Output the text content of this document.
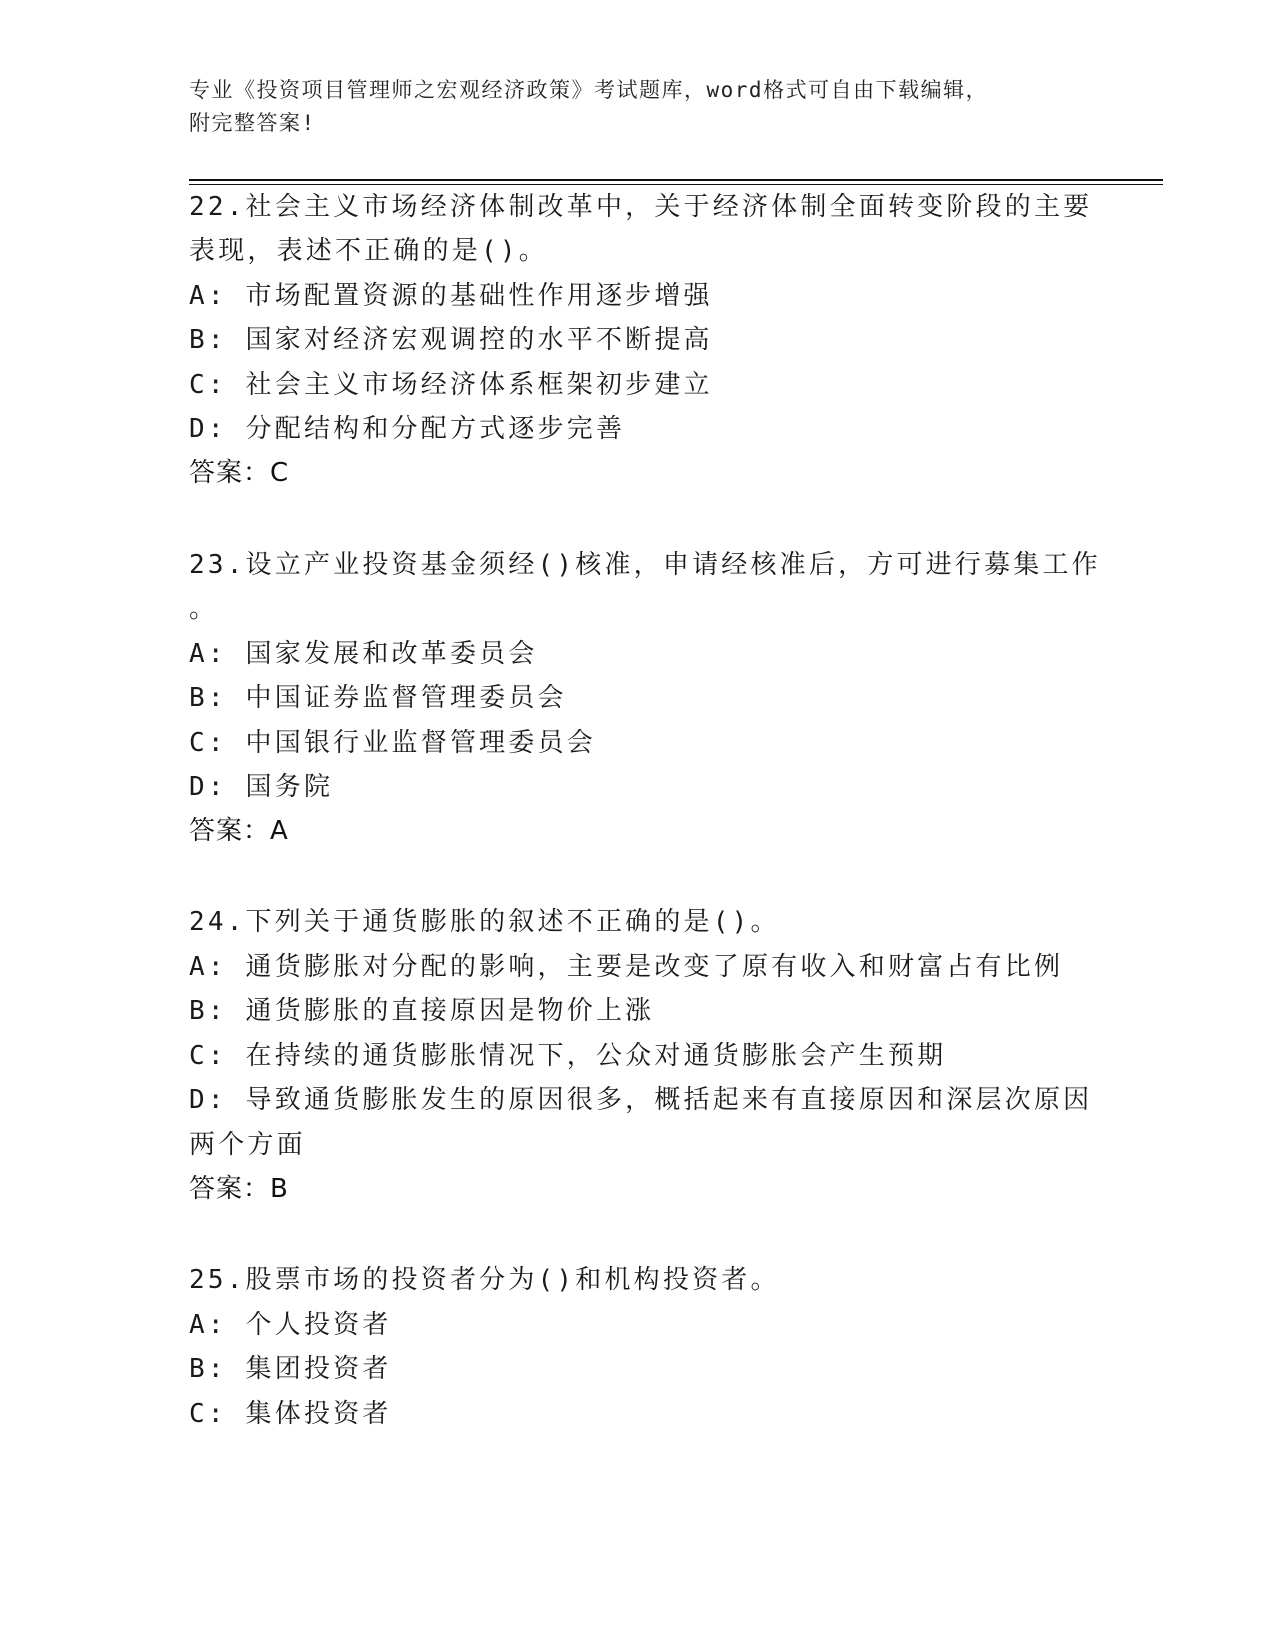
专业《投资项目管理师之宏观经济政策》考试题库，word格式可自由下载编辑，
附完整答案!
22.社会主义市场经济体制改革中，关于经济体制全面转变阶段的主要
表现，表述不正确的是()。
A: 市场配置资源的基础性作用逐步增强
B: 国家对经济宏观调控的水平不断提高
C: 社会主义市场经济体系框架初步建立
D: 分配结构和分配方式逐步完善
答案：C
23.设立产业投资基金须经()核准，申请经核准后，方可进行募集工作
。
A: 国家发展和改革委员会
B: 中国证券监督管理委员会
C: 中国银行业监督管理委员会
D: 国务院
答案：A
24.下列关于通货膨胀的叙述不正确的是()。
A: 通货膨胀对分配的影响，主要是改变了原有收入和财富占有比例
B: 通货膨胀的直接原因是物价上涨
C: 在持续的通货膨胀情况下，公众对通货膨胀会产生预期
D: 导致通货膨胀发生的原因很多，概括起来有直接原因和深层次原因
两个方面
答案：B
25.股票市场的投资者分为()和机构投资者。
A: 个人投资者
B: 集团投资者
C: 集体投资者
